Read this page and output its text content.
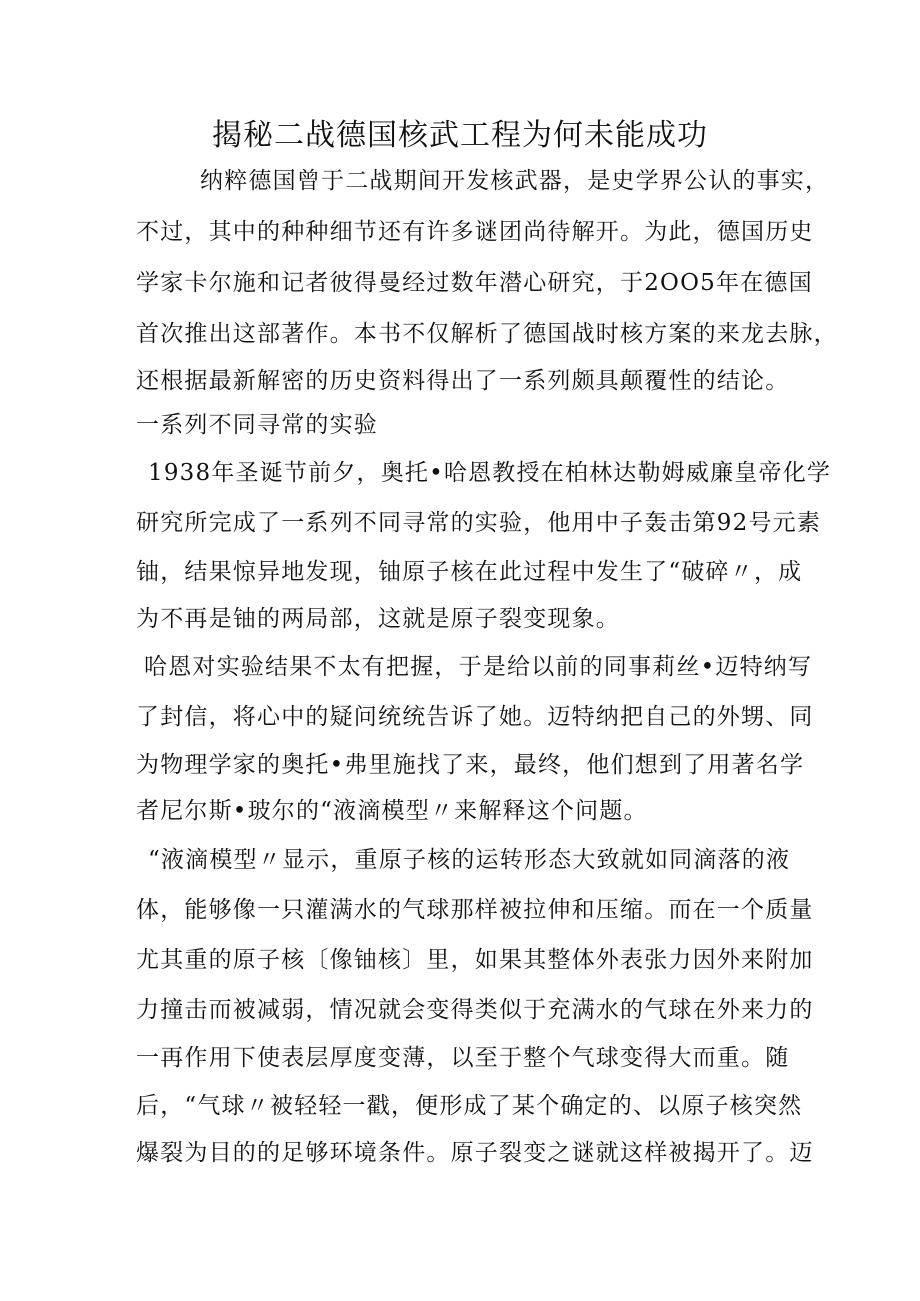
揭秘二战德国核武工程为何未能成功
纳粹德国曾于二战期间开发核武器，是史学界公认的事实，
不过，其中的种种细节还有许多谜团尚待解开。为此，德国历史
学家卡尔施和记者彼得曼经过数年潜心研究，于2OO5年在德国
首次推出这部著作。本书不仅解析了德国战时核方案的来龙去脉，
还根据最新解密的历史资料得出了一系列颇具颠覆性的结论。
一系列不同寻常的实验
1938年圣诞节前夕，奥托•哈恩教授在柏林达勒姆威廉皇帝化学
研究所完成了一系列不同寻常的实验，他用中子轰击第92号元素
铀，结果惊异地发现，铀原子核在此过程中发生了“破碎〃，成
为不再是铀的两局部，这就是原子裂变现象。
哈恩对实验结果不太有把握，于是给以前的同事莉丝•迈特纳写
了封信，将心中的疑问统统告诉了她。迈特纳把自己的外甥、同
为物理学家的奥托•弗里施找了来，最终，他们想到了用著名学
者尼尔斯•玻尔的“液滴模型〃来解释这个问题。
“液滴模型〃显示，重原子核的运转形态大致就如同滴落的液
体，能够像一只灌满水的气球那样被拉伸和压缩。而在一个质量
尤其重的原子核〔像铀核〕里，如果其整体外表张力因外来附加
力撞击而被减弱，情况就会变得类似于充满水的气球在外来力的
一再作用下使表层厚度变薄，以至于整个气球变得大而重。随
后，“气球〃被轻轻一戳，便形成了某个确定的、以原子核突然
爆裂为目的的足够环境条件。原子裂变之谜就这样被揭开了。迈
